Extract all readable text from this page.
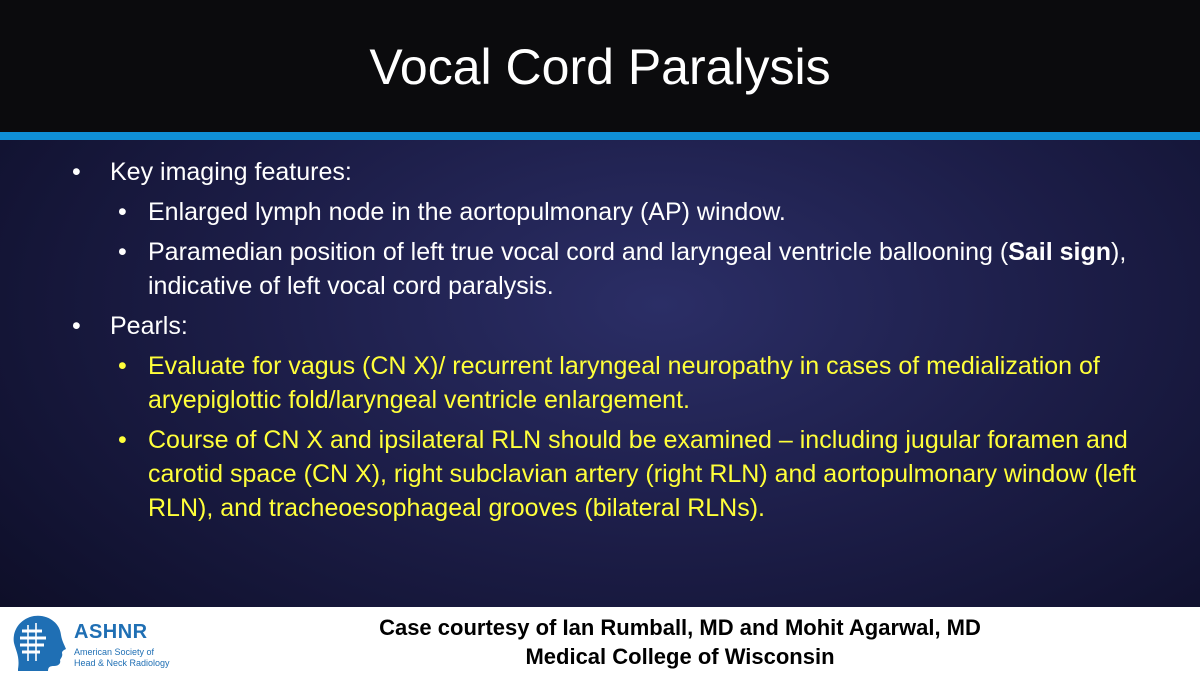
Vocal Cord Paralysis
• Key imaging features:
• Enlarged lymph node in the aortopulmonary (AP) window.
• Paramedian position of left true vocal cord and laryngeal ventricle ballooning (Sail sign), indicative of left vocal cord paralysis.
• Pearls:
• Evaluate for vagus (CN X)/ recurrent laryngeal neuropathy in cases of medialization of aryepiglottic fold/laryngeal ventricle enlargement.
• Course of CN X and ipsilateral RLN should be examined – including jugular foramen and carotid space (CN X), right subclavian artery (right RLN) and aortopulmonary window (left RLN), and tracheoesophageal grooves (bilateral RLNs).
ASHNR
American Society of
Head & Neck Radiology
Case courtesy of Ian Rumball, MD and Mohit Agarwal, MD
Medical College of Wisconsin
